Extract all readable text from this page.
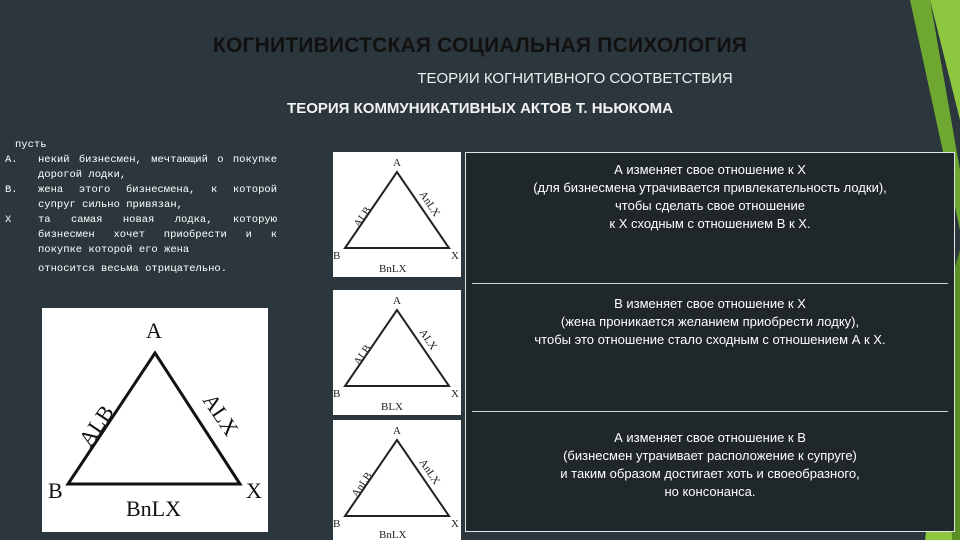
КОГНИТИВИСТСКАЯ СОЦИАЛЬНАЯ ПСИХОЛОГИЯ
ТЕОРИИ КОГНИТИВНОГО СООТВЕТСТВИЯ
ТЕОРИЯ КОММУНИКАТИВНЫХ АКТОВ Т. НЬЮКОМА
пусть
А.	некий бизнесмен, мечтающий о покупке дорогой лодки,
В.	жена этого бизнесмена, к которой супруг сильно привязан,
Х	та самая новая лодка, которую бизнесмен хочет приобрести и к покупке которой его жена
относится весьма отрицательно.
A
B	X
ALB	ALX
BnLX
A
B	X
ALB	AnLX
BnLX
A
B	X
ALB
ALX
BLX
A
B	X
AnLB	AnLX
BnLX
А изменяет свое отношение к Х
(для бизнесмена утрачивается привлекательность лодки),
чтобы сделать свое отношение
к Х сходным с отношением В к Х.
В изменяет свое отношение к Х
(жена проникается желанием приобрести лодку),
чтобы это отношение стало сходным с отношением А к Х.
А изменяет свое отношение к В
(бизнесмен утрачивает расположение к супруге)
и таким образом достигает хоть и своеобразного,
но консонанса.
